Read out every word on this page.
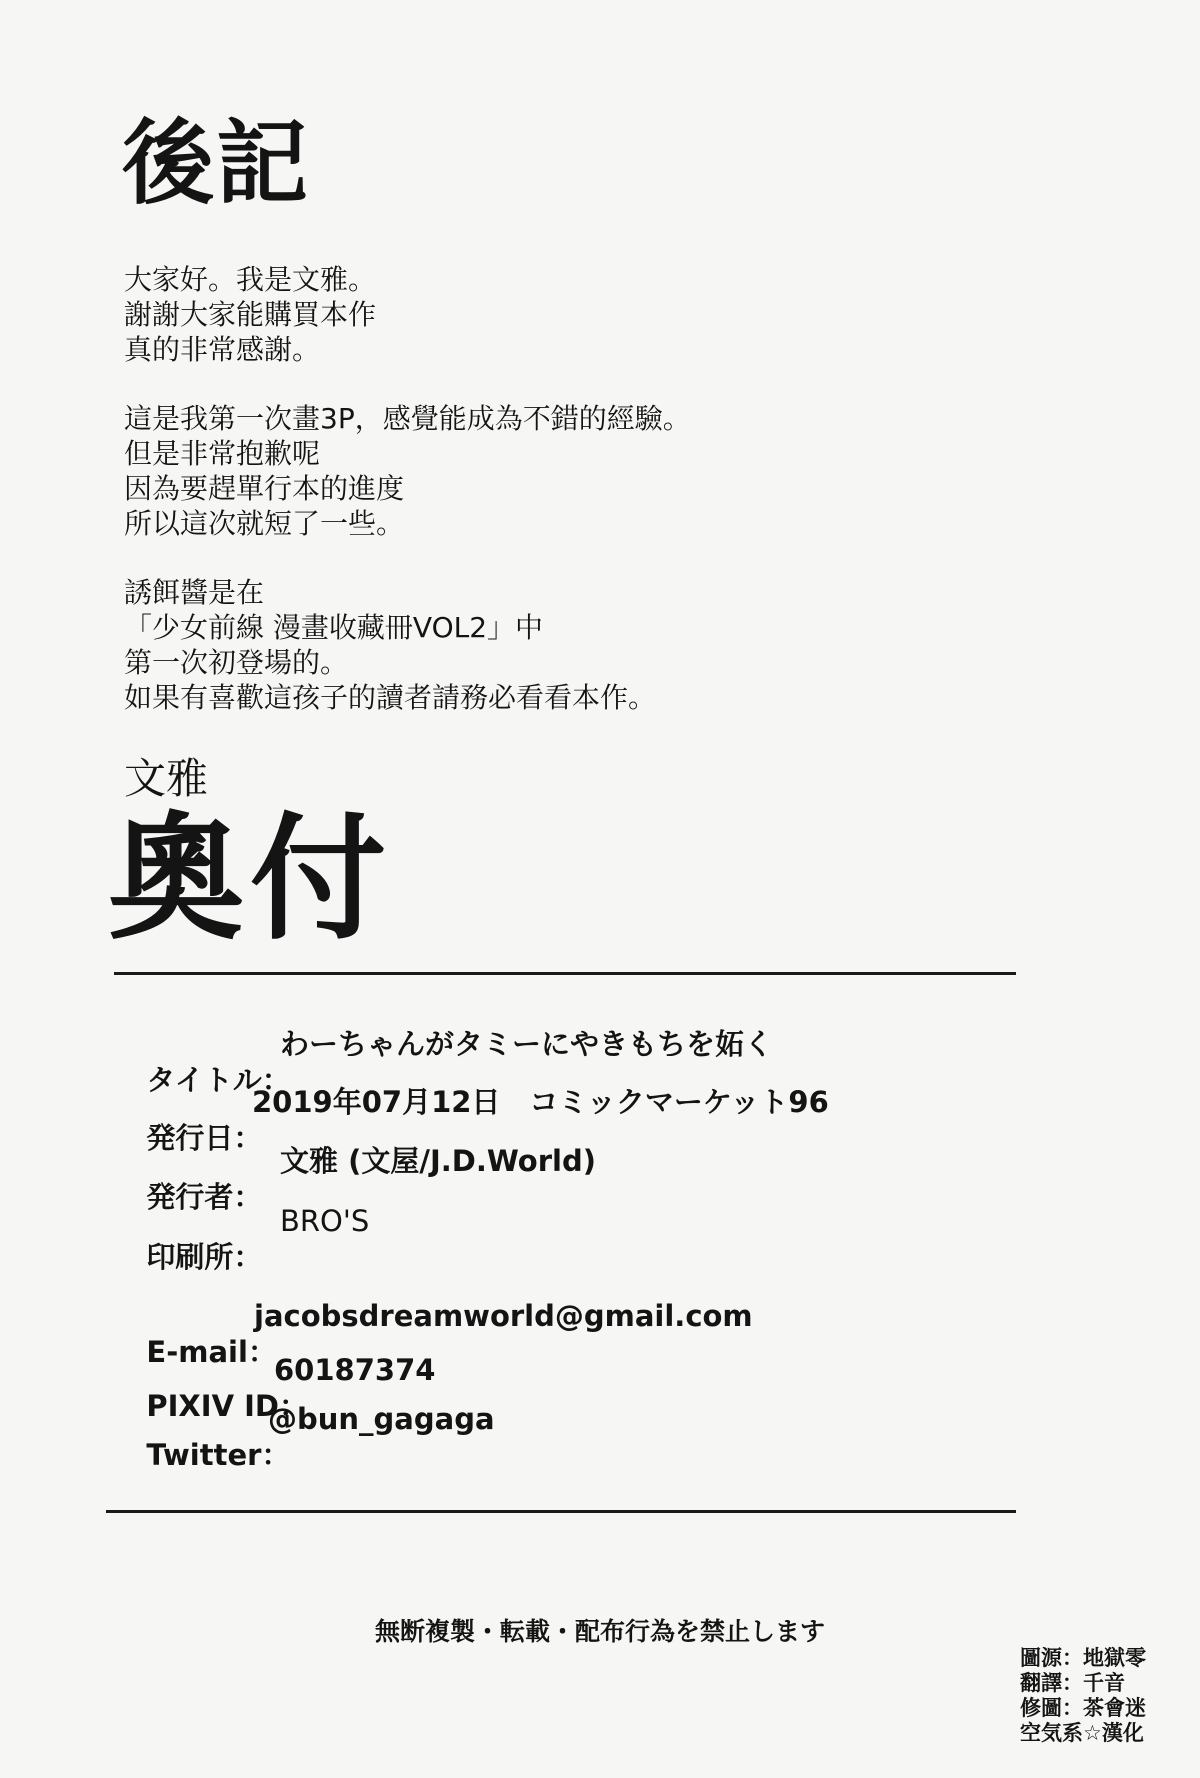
後記
大家好。我是文雅。
謝謝大家能購買本作
真的非常感謝。
這是我第一次畫3P，感覺能成為不錯的經驗。
但是非常抱歉呢
因為要趕單行本的進度
所以這次就短了一些。
誘餌醬是在
「少女前線 漫畫收藏冊VOL2」中
第一次初登場的。
如果有喜歡這孩子的讀者請務必看看本作。
文雅
奧付

タイトル：

わーちゃんがタミーにやきもちを妬く

発行日：

2019年07月12日　コミックマーケット96

発行者：

文雅 (文屋/J.D.World)

印刷所：

BRO'S

E-mail：

jacobsdreamworld@gmail.com

PIXIV ID：

60187374

Twitter：

@bun_gagaga

無断複製・転載・配布行為を禁止します
圖源：地獄零
翻譯：千音
修圖：茶會迷
空気系☆漢化
